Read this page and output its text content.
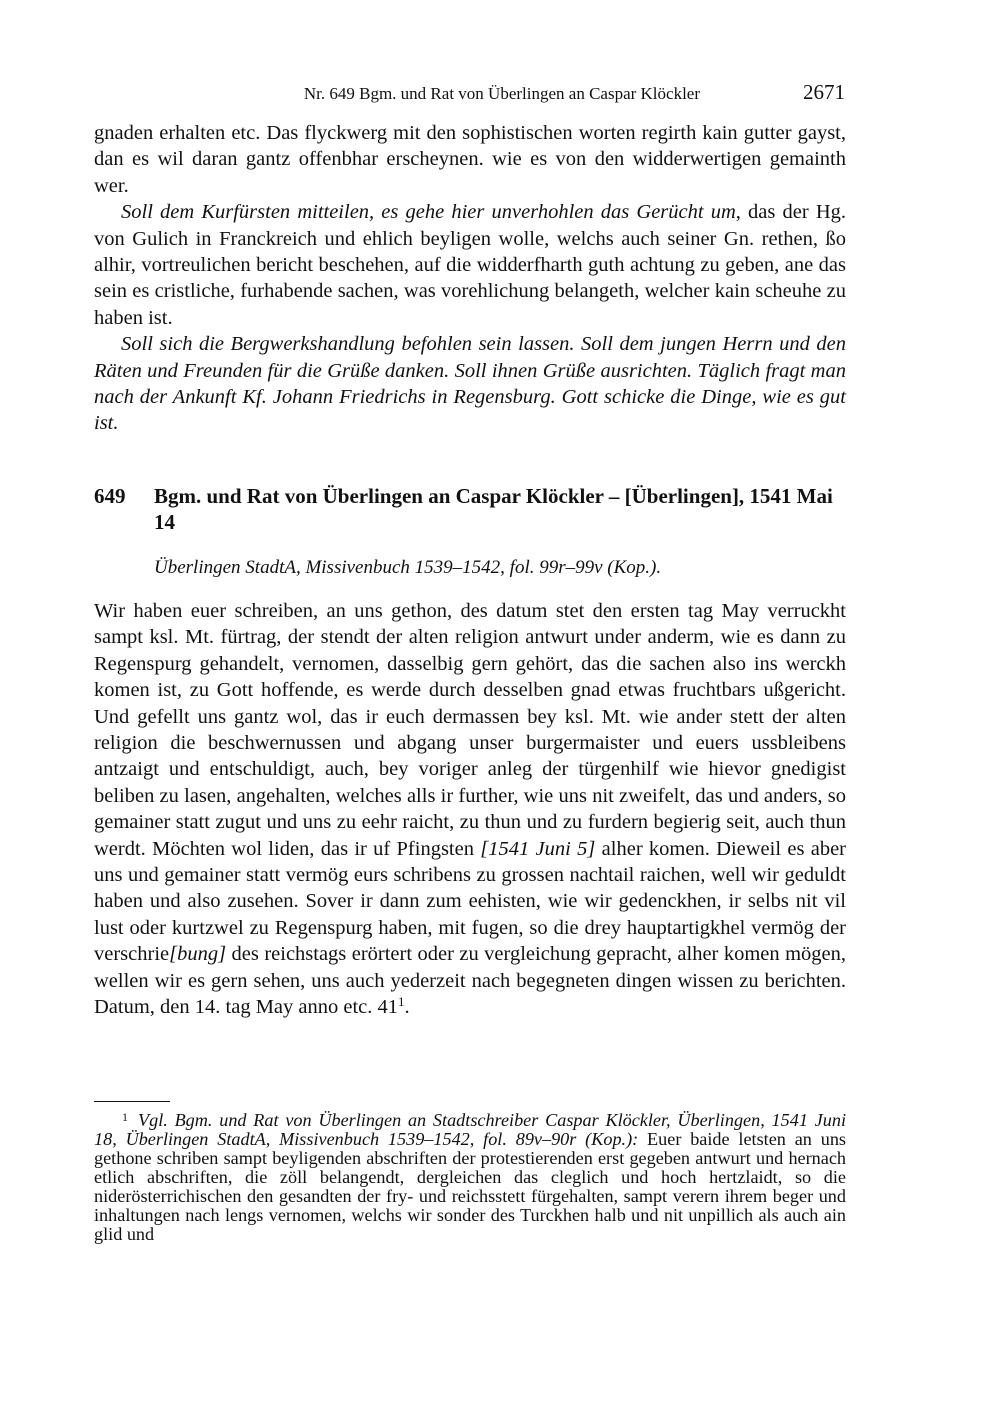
Nr. 649 Bgm. und Rat von Überlingen an Caspar Klöckler	2671

gnaden erhalten etc. Das flyckwerg mit den sophistischen worten regirth kain gutter gayst, dan es wil daran gantz offenbhar erscheynen. wie es von den widderwertigen gemainth wer.

Soll dem Kurfürsten mitteilen, es gehe hier unverhohlen das Gerücht um, das der Hg. von Gulich in Franckreich und ehlich beyligen wolle, welchs auch seiner Gn. rethen, ßo alhir, vortreulichen bericht beschehen, auf die widderfharth guth achtung zu geben, ane das sein es cristliche, furhabende sachen, was vorehlichung belangeth, welcher kain scheuhe zu haben ist.

Soll sich die Bergwerkshandlung befohlen sein lassen. Soll dem jungen Herrn und den Räten und Freunden für die Grüße danken. Soll ihnen Grüße ausrichten. Täglich fragt man nach der Ankunft Kf. Johann Friedrichs in Regensburg. Gott schicke die Dinge, wie es gut ist.

649 Bgm. und Rat von Überlingen an Caspar Klöckler – [Überlingen], 1541 Mai 14
Überlingen StadtA, Missivenbuch 1539–1542, fol. 99r–99v (Kop.).

Wir haben euer schreiben, an uns gethon, des datum stet den ersten tag May verruckht sampt ksl. Mt. fürtrag, der stendt der alten religion antwurt under anderm, wie es dann zu Regenspurg gehandelt, vernomen, dasselbig gern gehört, das die sachen also ins werckh komen ist, zu Gott hoffende, es werde durch desselben gnad etwas fruchtbars ußgericht. Und gefellt uns gantz wol, das ir euch dermassen bey ksl. Mt. wie ander stett der alten religion die beschwernussen und abgang unser burgermaister und euers ussbleibens antzaigt und entschuldigt, auch, bey voriger anleg der türgenhilf wie hievor gnedigist beliben zu lasen, angehalten, welches alls ir further, wie uns nit zweifelt, das und anders, so gemainer statt zugut und uns zu eehr raicht, zu thun und zu furdern begierig seit, auch thun werdt. Möchten wol liden, das ir uf Pfingsten [1541 Juni 5] alher komen. Dieweil es aber uns und gemainer statt vermög eurs schribens zu grossen nachtail raichen, well wir geduldt haben und also zusehen. Sover ir dann zum eehisten, wie wir gedenckhen, ir selbs nit vil lust oder kurtzwel zu Regenspurg haben, mit fugen, so die drey hauptartigkhel vermög der verschrie[bung] des reichstags erörtert oder zu vergleichung gepracht, alher komen mögen, wellen wir es gern sehen, uns auch yederzeit nach begegneten dingen wissen zu berichten. Datum, den 14. tag May anno etc. $41^1$.

$^1$ Vgl. Bgm. und Rat von Überlingen an Stadtschreiber Caspar Klöckler, Überlingen, 1541 Juni 18, Überlingen StadtA, Missivenbuch 1539–1542, fol. 89v–90r (Kop.): Euer baide letsten an uns gethone schriben sampt beyligenden abschriften der protestierenden erst gegeben antwurt und hernach etlich abschriften, die zöll belangendt, dergleichen das cleglich und hoch hertzlaidt, so die niderösterrichischen den gesandten der fry- und reichsstett fürgehalten, sampt verern ihrem beger und inhaltungen nach lengs vernomen, welchs wir sonder des Turckhen halb und nit unpillich als auch ain glid und
